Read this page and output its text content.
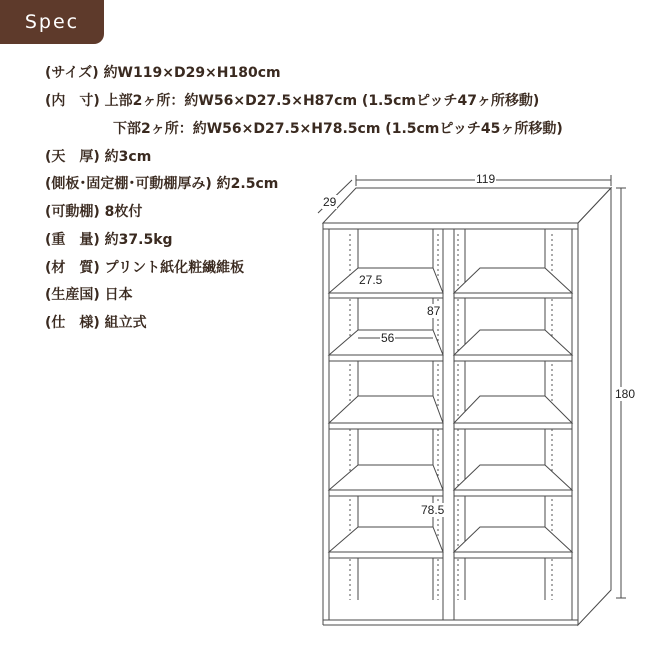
Spec
(サイズ) 約W119×D29×H180cm
(内　寸) 上部2ヶ所：約W56×D27.5×H87cm (1.5cmピッチ47ヶ所移動)
下部2ヶ所：約W56×D27.5×H78.5cm (1.5cmピッチ45ヶ所移動)
(天　厚) 約3cm
(側板･固定棚･可動棚厚み) 約2.5cm
(可動棚) 8枚付
(重　量) 約37.5kg
(材　質) プリント紙化粧繊維板
(生産国) 日本
(仕　様) 組立式
119
29
180
27.5
87
56
78.5
